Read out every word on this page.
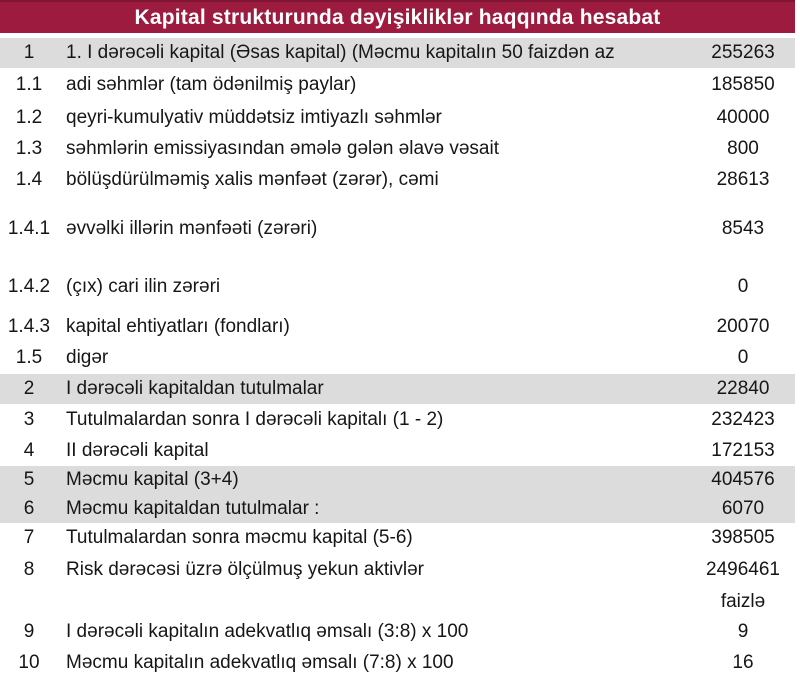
Kapital strukturunda dəyişikliklər haqqında hesabat
1	1. I dərəcəli kapital (Əsas kapital) (Məcmu kapitalın 50 faizdən az	255263
1.1	adi səhmlər (tam ödənilmiş paylar)	185850
1.2	qeyri-kumulyativ müddətsiz imtiyazlı səhmlər	40000
1.3	səhmlərin emissiyasından əmələ gələn əlavə vəsait	800
1.4	bölüşdürülməmiş xalis mənfəət (zərər), cəmi	28613
1.4.1 əvvəlki illərin mənfəəti (zərəri)	8543
1.4.2 (çıx) cari ilin zərəri	0
1.4.3 kapital ehtiyatları (fondları)	20070
1.5	digər	0
2	I dərəcəli kapitaldan tutulmalar	22840
3	Tutulmalardan sonra I dərəcəli kapitalı (1 - 2)	232423
4	II dərəcəli kapital	172153
5	Məcmu kapital (3+4)	404576
6	Məcmu kapitaldan tutulmalar :	6070
7	Tutulmalardan sonra məcmu kapital (5-6)	398505
8	Risk dərəcəsi üzrə ölçülmuş yekun aktivlər	2496461
faizlə
9	I dərəcəli kapitalın adekvatlıq əmsalı (3:8) x 100	9
10	Məcmu kapitalın adekvatlıq əmsalı (7:8) x 100	16
